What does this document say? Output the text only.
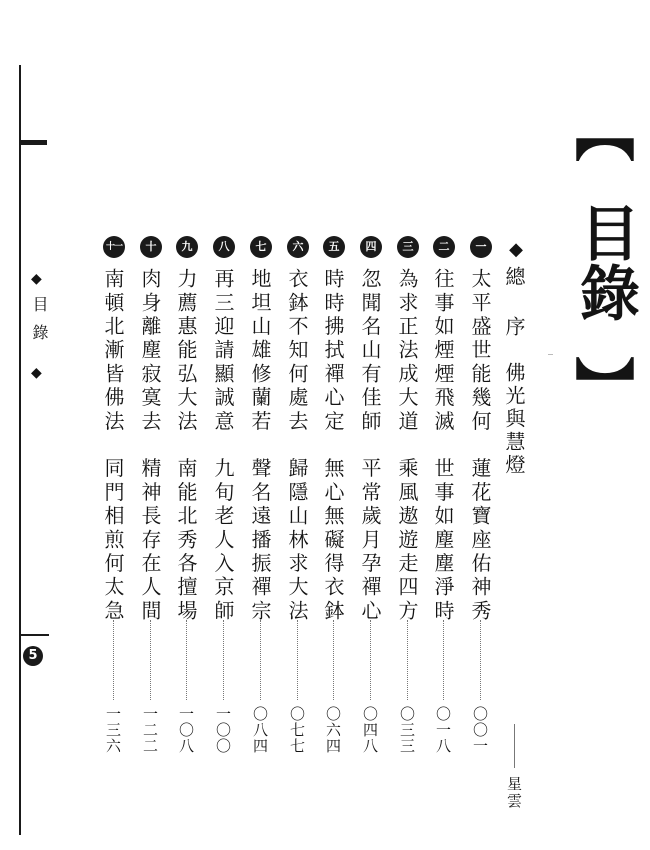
◆
目錄
◆
5
︻
目錄
︼
◆
總 序　佛光與慧燈
星雲
一
太平盛世能幾何　蓮花寶座佑神秀
〇〇一
二
往事如煙煙飛滅　世事如塵塵淨時
〇一八
三
為求正法成大道　乘風遨遊走四方
〇三三
四
忽聞名山有佳師　平常歲月孕禪心
〇四八
五
時時拂拭禪心定　無心無礙得衣鉢
〇六四
六
衣鉢不知何處去　歸隱山林求大法
〇七七
七
地坦山雄修蘭若　聲名遠播振禪宗
〇八四
八
再三迎請顯誠意　九旬老人入京師
一〇〇
九
力薦惠能弘大法　南能北秀各擅場
一〇八
十
肉身離塵寂寞去　精神長存在人間
一二二
十一
南頓北漸皆佛法　同門相煎何太急
一三六
